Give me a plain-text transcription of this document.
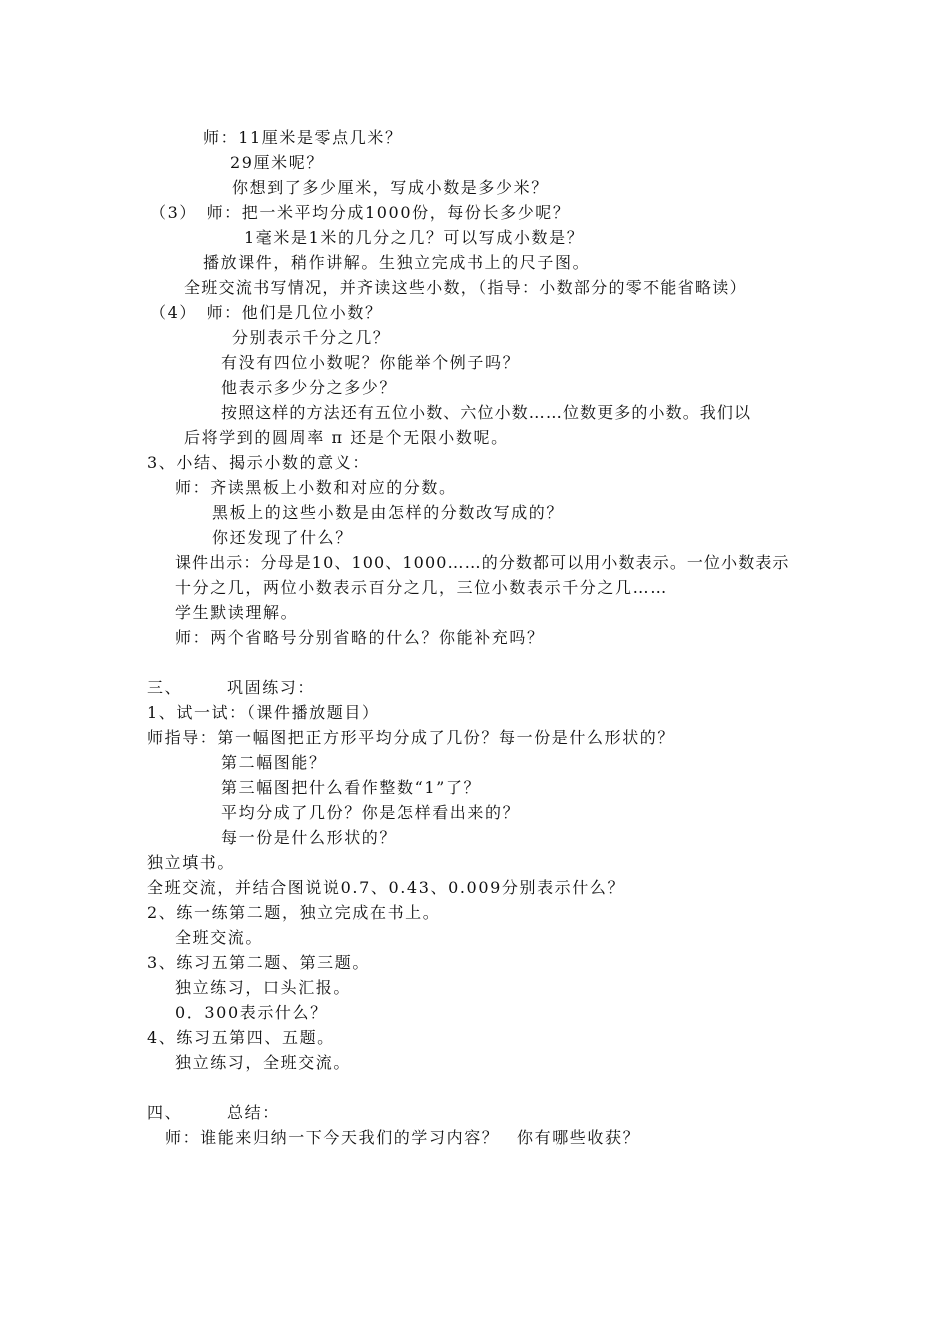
师：11厘米是零点几米？
29厘米呢？
你想到了多少厘米，写成小数是多少米？
（3）　师：把一米平均分成1000份，每份长多少呢？
1毫米是1米的几分之几？可以写成小数是？
播放课件，稍作讲解。生独立完成书上的尺子图。
全班交流书写情况，并齐读这些小数，（指导：小数部分的零不能省略读）
（4）　师：他们是几位小数？
分别表示千分之几？
有没有四位小数呢？你能举个例子吗？
他表示多少分之多少？
按照这样的方法还有五位小数、六位小数……位数更多的小数。我们以
后将学到的圆周率 π 还是个无限小数呢。
3、小结、揭示小数的意义：
师：齐读黑板上小数和对应的分数。
黑板上的这些小数是由怎样的分数改写成的？
你还发现了什么？
课件出示：分母是10、100、1000……的分数都可以用小数表示。一位小数表示
十分之几，两位小数表示百分之几，三位小数表示千分之几……
学生默读理解。
师：两个省略号分别省略的什么？你能补充吗？
三、　　　巩固练习：
1、试一试：（课件播放题目）
师指导：第一幅图把正方形平均分成了几份？每一份是什么形状的？
第二幅图能？
第三幅图把什么看作整数“1”了？
平均分成了几份？你是怎样看出来的？
每一份是什么形状的？
独立填书。
全班交流，并结合图说说0.7、0.43、0.009分别表示什么？
2、练一练第二题，独立完成在书上。
全班交流。
3、练习五第二题、第三题。
独立练习，口头汇报。
0．300表示什么？
4、练习五第四、五题。
独立练习，全班交流。
四、　　　总结：
师：谁能来归纳一下今天我们的学习内容？　你有哪些收获？
